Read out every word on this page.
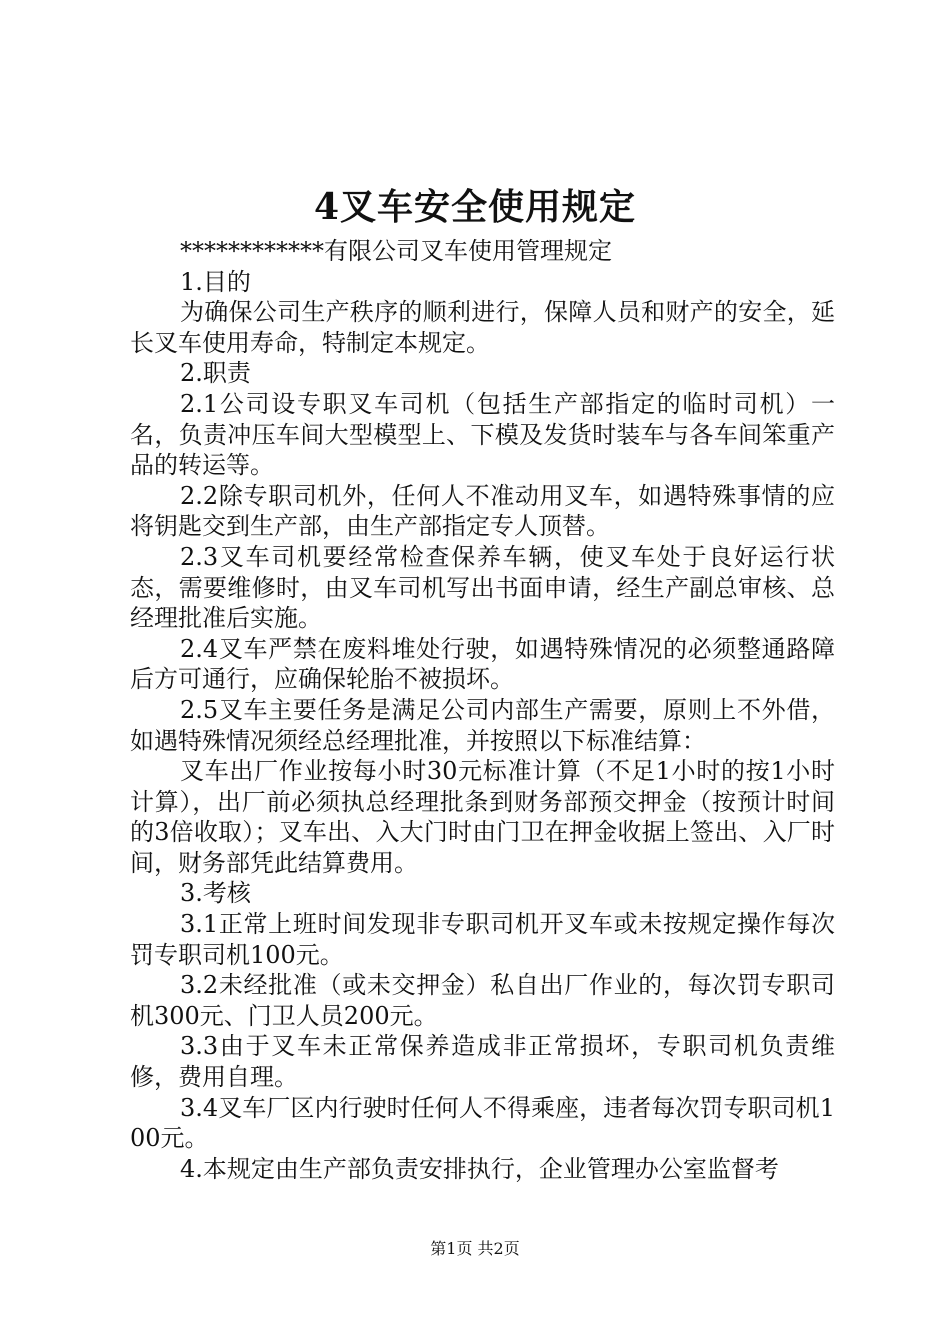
4叉车安全使用规定

************有限公司叉车使用管理规定

1.目的

为确保公司生产秩序的顺利进行，保障人员和财产的安全，延长叉车使用寿命，特制定本规定。

2.职责

2.1公司设专职叉车司机（包括生产部指定的临时司机）一名，负责冲压车间大型模型上、下模及发货时装车与各车间笨重产品的转运等。

2.2除专职司机外，任何人不准动用叉车，如遇特殊事情的应将钥匙交到生产部，由生产部指定专人顶替。

2.3叉车司机要经常检查保养车辆，使叉车处于良好运行状态，需要维修时，由叉车司机写出书面申请，经生产副总审核、总经理批准后实施。

2.4叉车严禁在废料堆处行驶，如遇特殊情况的必须整通路障后方可通行，应确保轮胎不被损坏。

2.5叉车主要任务是满足公司内部生产需要，原则上不外借，如遇特殊情况须经总经理批准，并按照以下标准结算：

叉车出厂作业按每小时30元标准计算（不足1小时的按1小时计算），出厂前必须执总经理批条到财务部预交押金（按预计时间的3倍收取）；叉车出、入大门时由门卫在押金收据上签出、入厂时间，财务部凭此结算费用。

3.考核

3.1正常上班时间发现非专职司机开叉车或未按规定操作每次罚专职司机100元。

3.2未经批准（或未交押金）私自出厂作业的，每次罚专职司机300元、门卫人员200元。

3.3由于叉车未正常保养造成非正常损坏，专职司机负责维修，费用自理。

3.4叉车厂区内行驶时任何人不得乘座，违者每次罚专职司机100元。

4.本规定由生产部负责安排执行，企业管理办公室监督考

第1页 共2页
